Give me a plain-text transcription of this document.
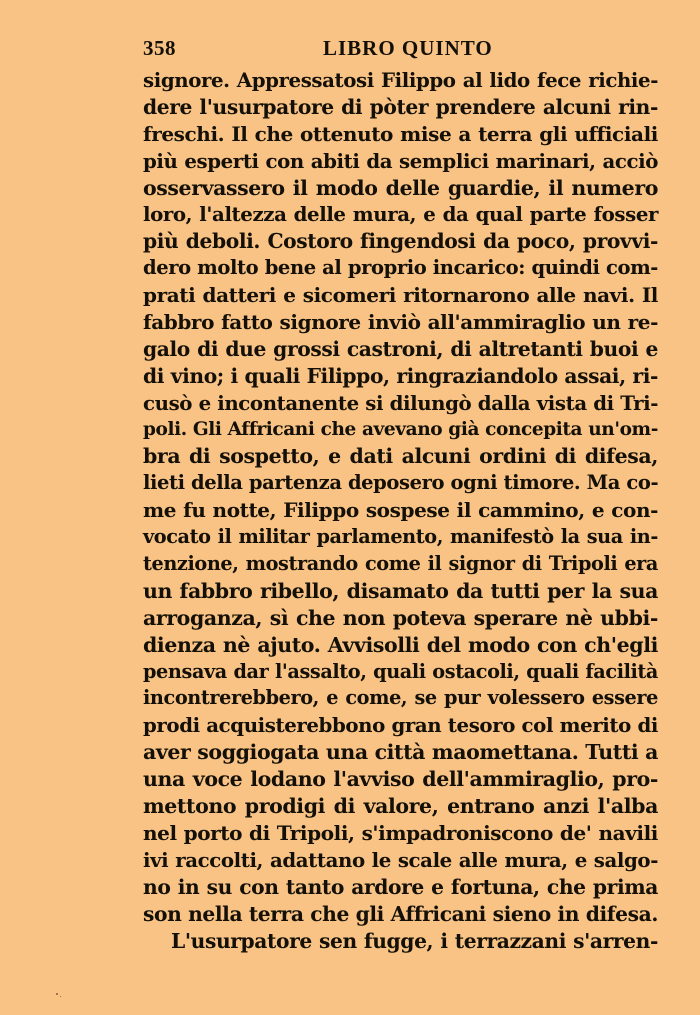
358	LIBRO QUINTO
signore. Appressatosi Filippo al lido fece richie-
dere l'usurpatore di pòter prendere alcuni rin-
freschi. Il che ottenuto mise a terra gli ufficiali
più esperti con abiti da semplici marinari, acciò
osservassero il modo delle guardie, il numero
loro, l'altezza delle mura, e da qual parte fosser
più deboli. Costoro fingendosi da poco, provvi-
dero molto bene al proprio incarico: quindi com-
prati datteri e sicomeri ritornarono alle navi. Il
fabbro fatto signore inviò all'ammiraglio un re-
galo di due grossi castroni, di altretanti buoi e
di vino; i quali Filippo, ringraziandolo assai, ri-
cusò e incontanente si dilungò dalla vista di Tri-
poli. Gli Affricani che avevano già concepita un'om-
bra di sospetto, e dati alcuni ordini di difesa,
lieti della partenza deposero ogni timore. Ma co-
me fu notte, Filippo sospese il cammino, e con-
vocato il militar parlamento, manifestò la sua in-
tenzione, mostrando come il signor di Tripoli era
un fabbro ribello, disamato da tutti per la sua
arroganza, sì che non poteva sperare nè ubbi-
dienza nè ajuto. Avvisolli del modo con ch'egli
pensava dar l'assalto, quali ostacoli, quali facilità
incontrerebbero, e come, se pur volessero essere
prodi acquisterebbono gran tesoro col merito di
aver soggiogata una città maomettana. Tutti a
una voce lodano l'avviso dell'ammiraglio, pro-
mettono prodigi di valore, entrano anzi l'alba
nel porto di Tripoli, s'impadroniscono de' navili
ivi raccolti, adattano le scale alle mura, e salgo-
no in su con tanto ardore e fortuna, che prima
son nella terra che gli Affricani sieno in difesa.
L'usurpatore sen fugge, i terrazzani s'arren-
